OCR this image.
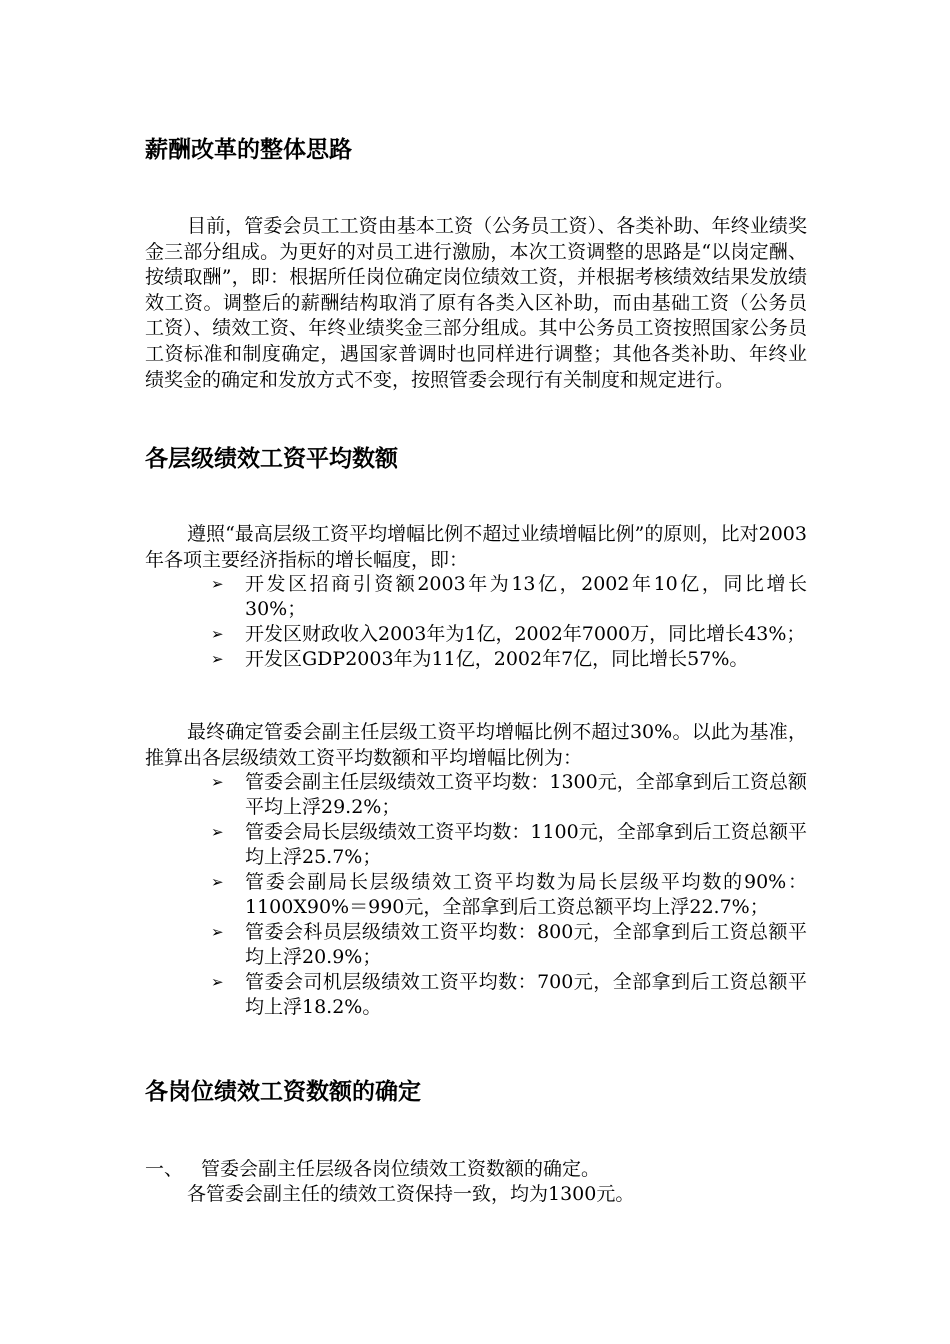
薪酬改革的整体思路

目前，管委会员工工资由基本工资（公务员工资）、各类补助、年终业绩奖金三部分组成。为更好的对员工进行激励，本次工资调整的思路是“以岗定酬、按绩取酬”，即：根据所任岗位确定岗位绩效工资，并根据考核绩效结果发放绩效工资。调整后的薪酬结构取消了原有各类入区补助，而由基础工资（公务员工资）、绩效工资、年终业绩奖金三部分组成。其中公务员工资按照国家公务员工资标准和制度确定，遇国家普调时也同样进行调整；其他各类补助、年终业绩奖金的确定和发放方式不变，按照管委会现行有关制度和规定进行。

各层级绩效工资平均数额

遵照“最高层级工资平均增幅比例不超过业绩增幅比例”的原则，比对2003年各项主要经济指标的增长幅度，即：

➢ 开发区招商引资额2003年为13亿，2002年10亿，同比增长30%；
➢ 开发区财政收入2003年为1亿，2002年7000万，同比增长43%；
➢ 开发区GDP2003年为11亿，2002年7亿，同比增长57%。

最终确定管委会副主任层级工资平均增幅比例不超过30%。以此为基准，推算出各层级绩效工资平均数额和平均增幅比例为：

➢ 管委会副主任层级绩效工资平均数：1300元，全部拿到后工资总额平均上浮29.2%；
➢ 管委会局长层级绩效工资平均数：1100元，全部拿到后工资总额平均上浮25.7%；
➢ 管委会副局长层级绩效工资平均数为局长层级平均数的90%：1100X90%＝990元，全部拿到后工资总额平均上浮22.7%；
➢ 管委会科员层级绩效工资平均数：800元，全部拿到后工资总额平均上浮20.9%；
➢ 管委会司机层级绩效工资平均数：700元，全部拿到后工资总额平均上浮18.2%。
各岗位绩效工资数额的确定

一、 管委会副主任层级各岗位绩效工资数额的确定。

各管委会副主任的绩效工资保持一致，均为1300元。
